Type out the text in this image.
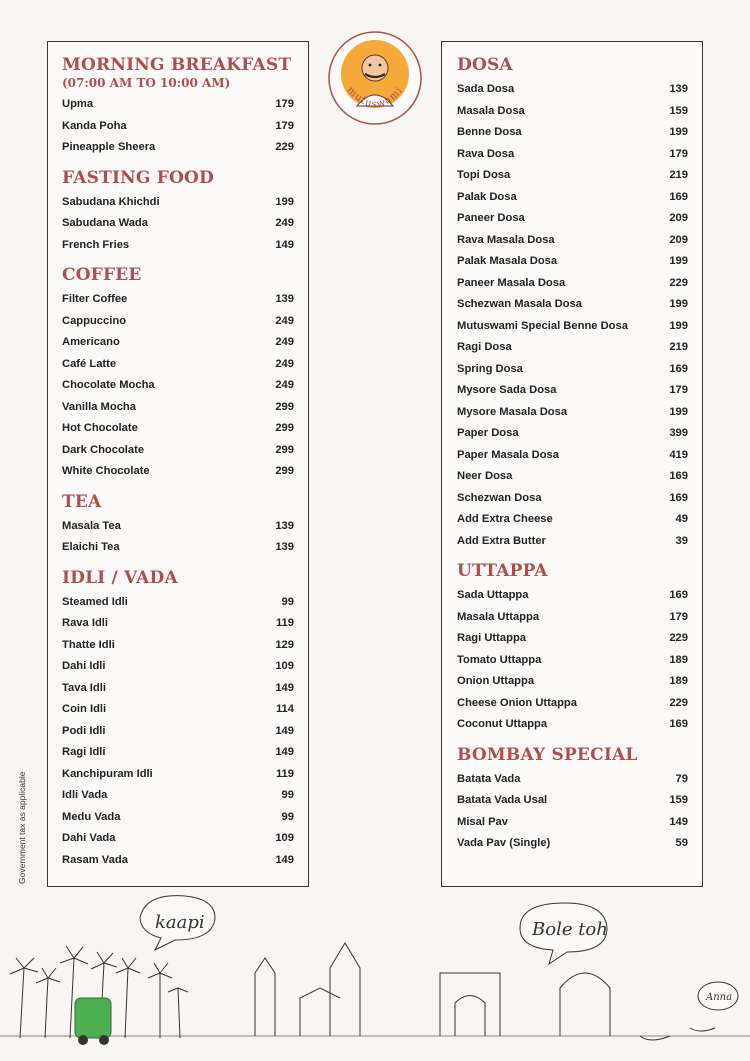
MORNING BREAKFAST
(07:00 AM TO 10:00 AM)
Upma	179
Kanda Poha	179
Pineapple Sheera	229
FASTING FOOD
Sabudana Khichdi	199
Sabudana Wada	249
French Fries	149
COFFEE
Filter Coffee	139
Cappuccino	249
Americano	249
Café Latte	249
Chocolate Mocha	249
Vanilla Mocha	299
Hot Chocolate	299
Dark Chocolate	299
White Chocolate	299
TEA
Masala Tea	139
Elaichi Tea	139
IDLI / VADA
Steamed Idli	99
Rava Idli	119
Thatte Idli	129
Dahi Idli	109
Tava Idli	149
Coin Idli	114
Podi Idli	149
Ragi Idli	149
Kanchipuram Idli	119
Idli Vada	99
Medu Vada	99
Dahi Vada	109
Rasam Vada	149
DOSA
Sada Dosa	139
Masala Dosa	159
Benne Dosa	199
Rava Dosa	179
Topi Dosa	219
Palak Dosa	169
Paneer Dosa	209
Rava Masala Dosa	209
Palak Masala Dosa	199
Paneer Masala Dosa	229
Schezwan Masala Dosa	199
Mutuswami Special Benne Dosa	199
Ragi Dosa	219
Spring Dosa	169
Mysore Sada Dosa	179
Mysore Masala Dosa	199
Paper Dosa	399
Paper Masala Dosa	419
Neer Dosa	169
Schezwan Dosa	169
Add Extra Cheese	49
Add Extra Butter	39
UTTAPPA
Sada Uttappa	169
Masala Uttappa	179
Ragi Uttappa	229
Tomato Uttappa	189
Onion Uttappa	189
Cheese Onion Uttappa	229
Coconut Uttappa	169
BOMBAY SPECIAL
Batata Vada	79
Batata Vada Usal	159
Misal Pav	149
Vada Pav (Single)	59
mutuswami
Government tax as applicable
kaapi	Bole toh
Anna
